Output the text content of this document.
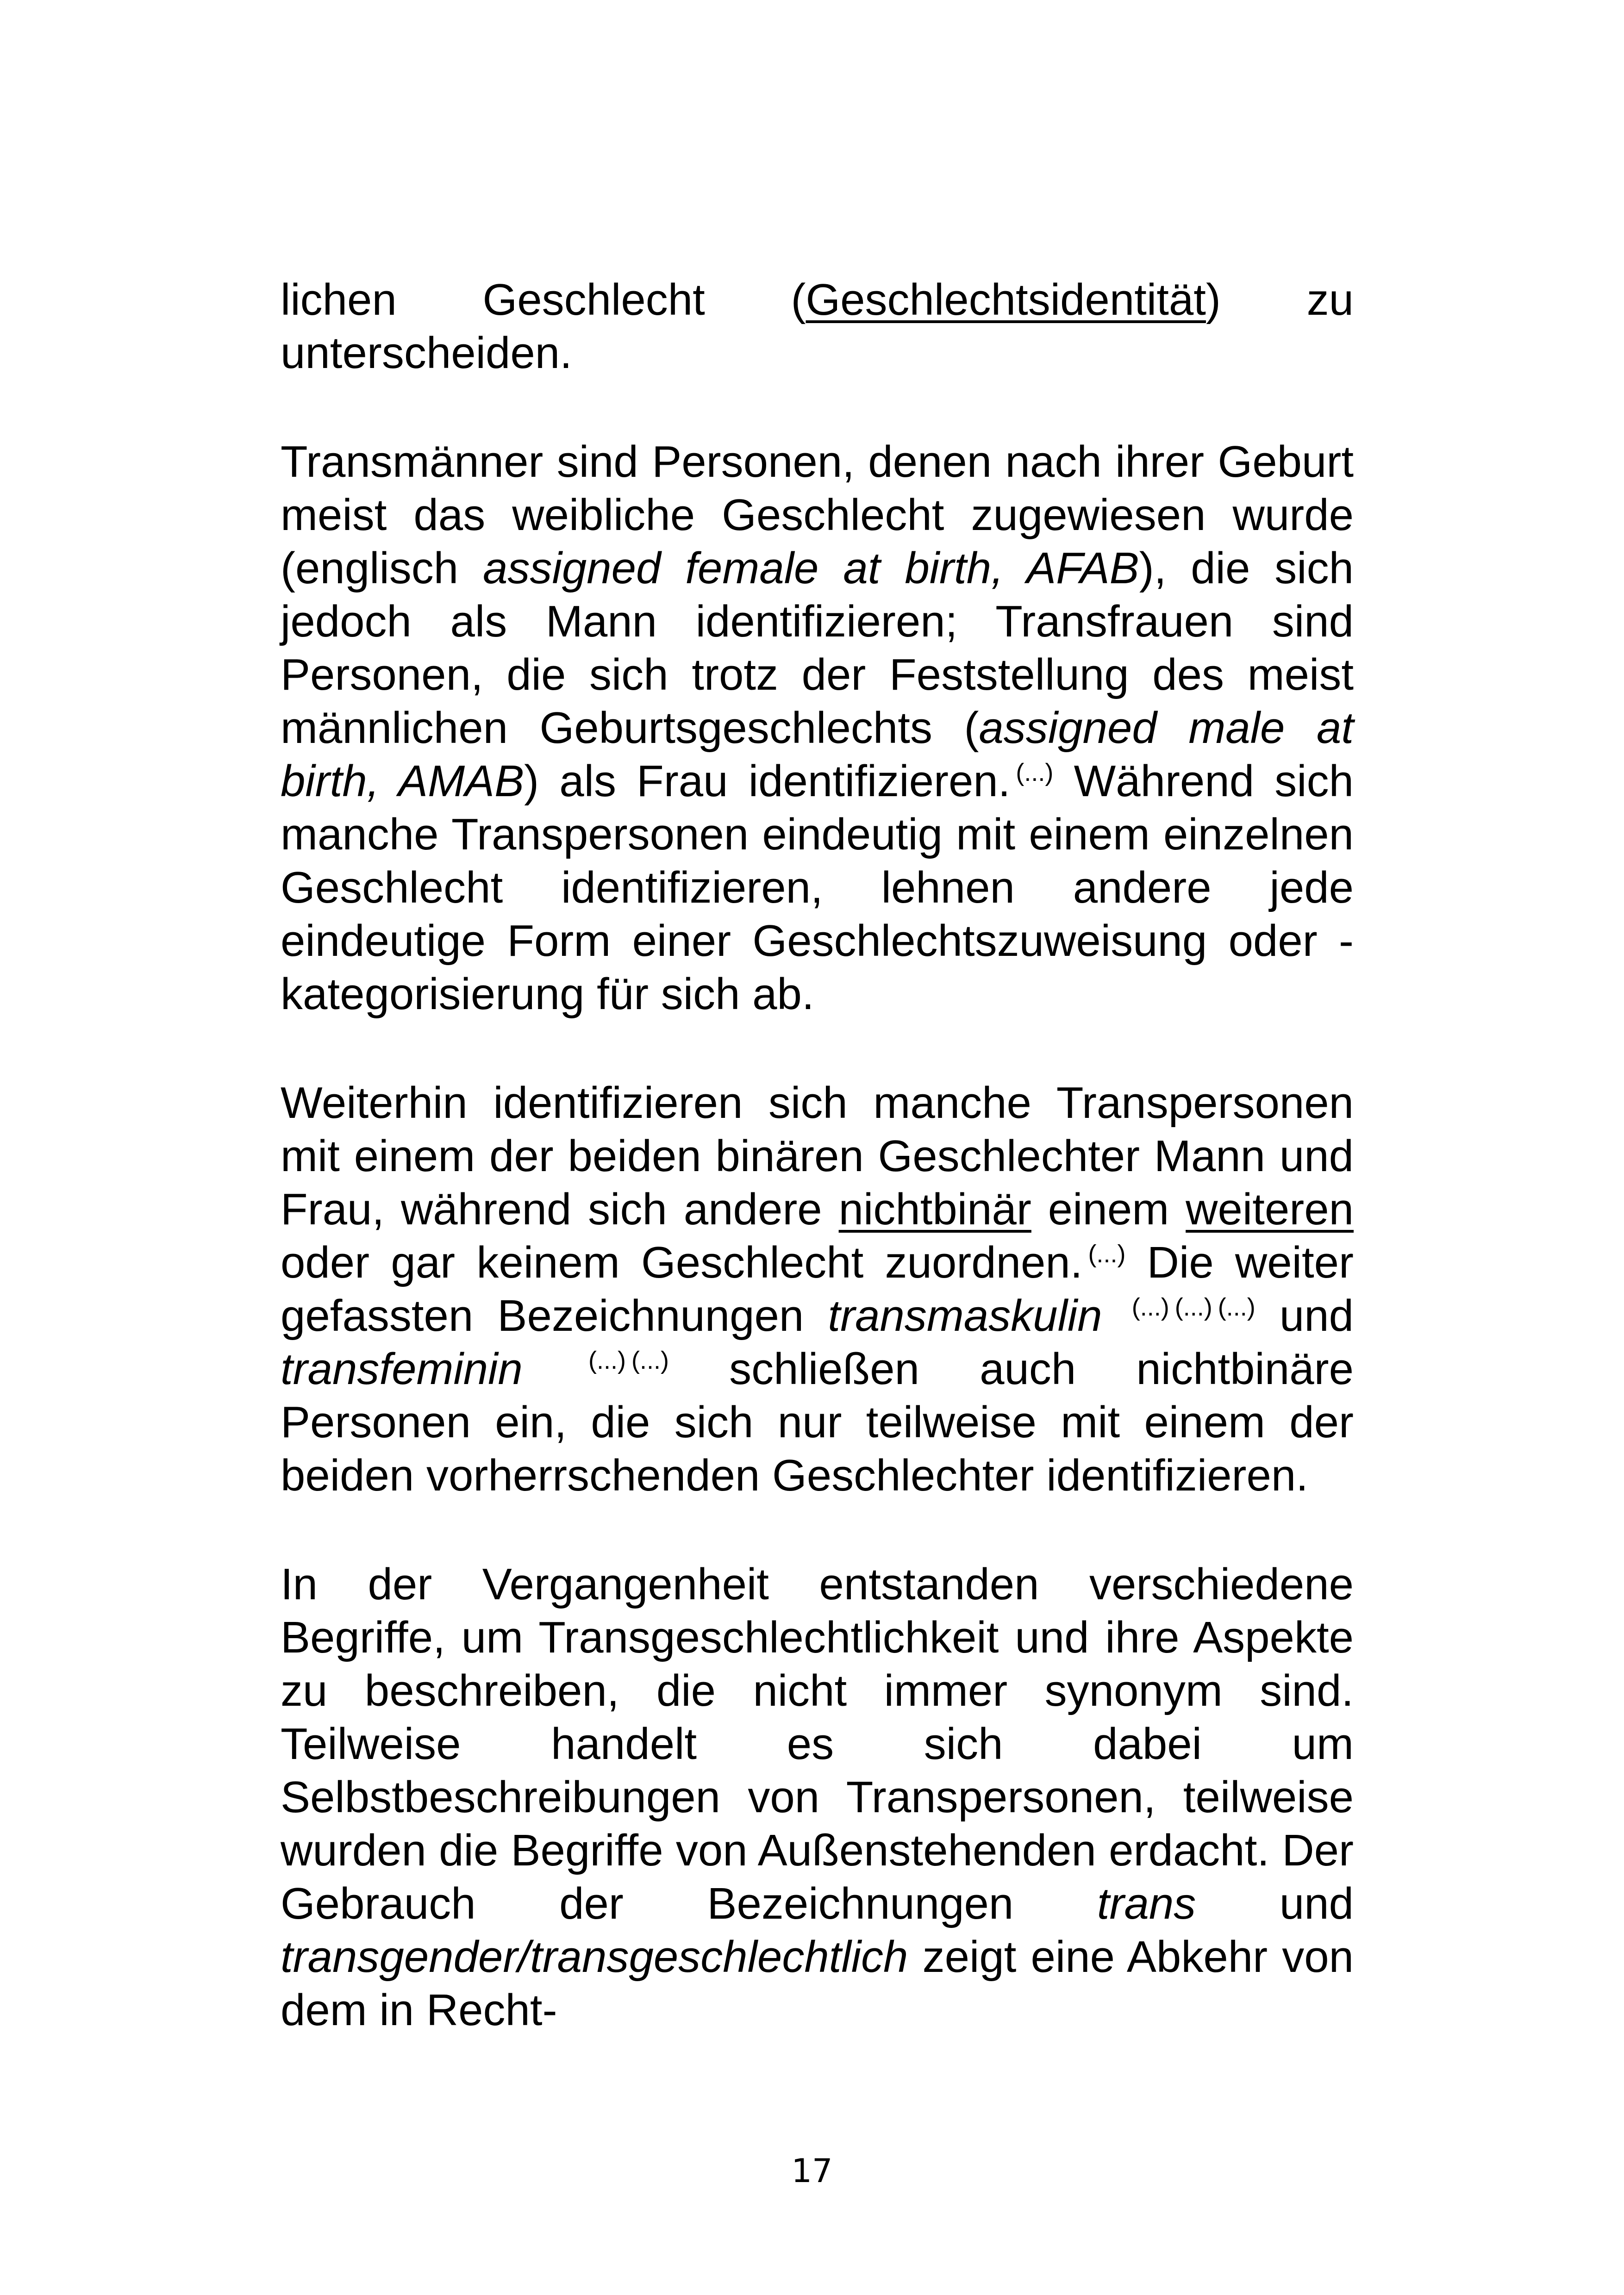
lichen Geschlecht (Geschlechtsidentität) zu unterscheiden.

Transmänner sind Personen, denen nach ihrer Geburt meist das weibliche Geschlecht zugewiesen wurde (englisch assigned female at birth, AFAB), die sich jedoch als Mann identifizieren; Transfrauen sind Personen, die sich trotz der Feststellung des meist männlichen Geburtsgeschlechts (assigned male at birth, AMAB) als Frau identifizieren. (...) Während sich manche Transpersonen eindeutig mit einem einzelnen Geschlecht identifizieren, lehnen andere jede eindeutige Form einer Geschlechtszuweisung oder -kategorisierung für sich ab.

Weiterhin identifizieren sich manche Transpersonen mit einem der beiden binären Geschlechter Mann und Frau, während sich andere nichtbinär einem weiteren oder gar keinem Geschlecht zuordnen. (...) Die weiter gefassten Bezeichnungen transmaskulin (...) (...) (...) und transfeminin	(...) (...) schließen auch nichtbinäre Personen ein, die sich nur teilweise mit einem der beiden vorherrschenden Geschlechter identifizieren.

In der Vergangenheit entstanden verschiedene Begriffe, um Transgeschlechtlichkeit und ihre Aspekte zu beschreiben, die nicht immer synonym sind. Teilweise handelt es sich dabei um Selbstbeschreibungen von Transpersonen, teilweise wurden die Begriffe von Außenstehenden erdacht. Der Gebrauch der Bezeichnungen trans und transgender/transgeschlechtlich zeigt eine Abkehr von dem in Recht-

17
